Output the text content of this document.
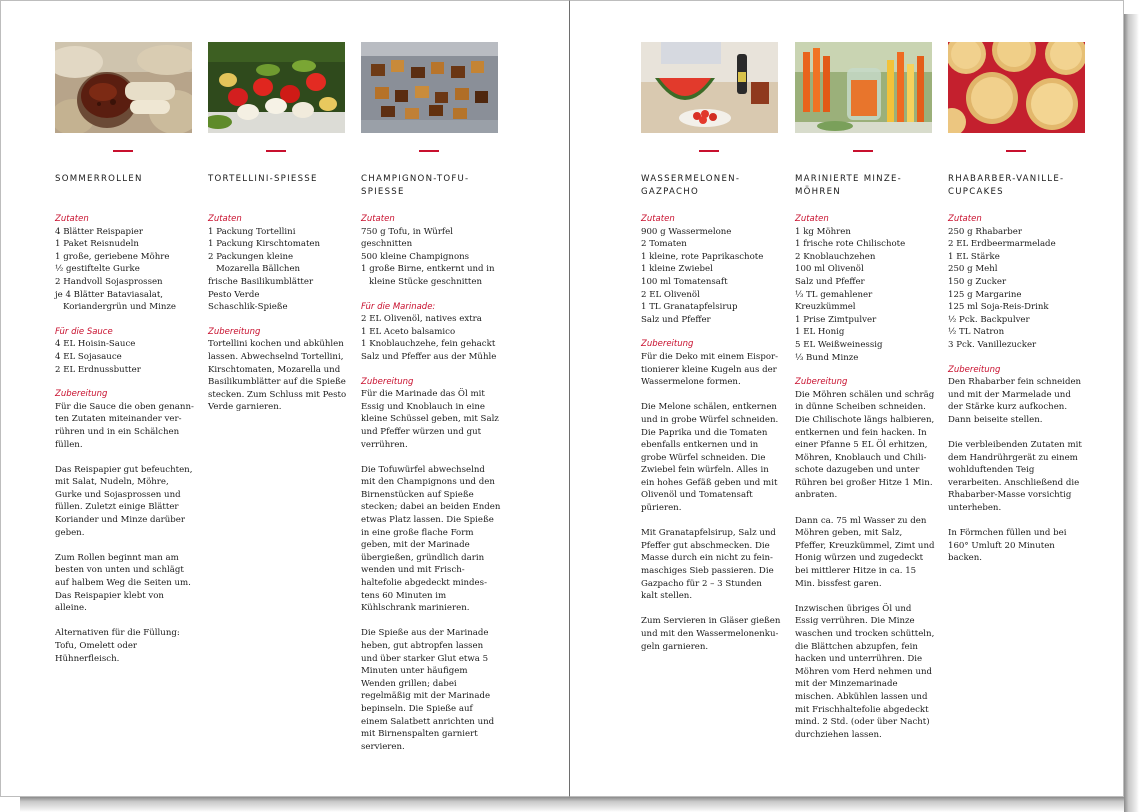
SOMMERROLLEN
Zutaten
4 Blätter Reispapier
1 Paket Reisnudeln
1 große, geriebene Möhre
½ gestiftelte Gurke
2 Handvoll Sojasprossen
je 4 Blätter Bataviasalat,
Koriandergrün und Minze
Für die Sauce
4 EL Hoisin-Sauce
4 EL Sojasauce
2 EL Erdnussbutter
Zubereitung

Für die Sauce die oben genannten Zutaten miteinander verrühren und in ein Schälchen füllen.

Das Reispapier gut befeuchten, mit Salat, Nudeln, Möhre, Gurke und Sojasprossen und füllen. Zuletzt einige Blätter Koriander und Minze darüber geben.

Zum Rollen beginnt man am besten von unten und schlägt auf halbem Weg die Seiten um. Das Reispapier klebt von alleine.

Alternativen für die Füllung: Tofu, Omelett oder Hühnerfleisch.

TORTELLINI-SPIESSE
Zutaten
1 Packung Tortellini
1 Packung Kirschtomaten
2 Packungen kleine
Mozarella Bällchen
frische Basilikumblätter
Pesto Verde
Schaschlik-Spieße
Zubereitung

Tortellini kochen und abkühlen lassen. Abwechselnd Tortellini, Kirschtomaten, Mozarella und Basilikumblätter auf die Spieße stecken. Zum Schluss mit Pesto Verde garnieren.

CHAMPIGNON-TOFU-SPIESSE
Zutaten
750 g Tofu, in Würfel geschnitten
500 kleine Champignons
1 große Birne, entkernt und in
kleine Stücke geschnitten
Für die Marinade:
2 EL Olivenöl, natives extra
1 EL Aceto balsamico
1 Knoblauchzehe, fein gehackt
Salz und Pfeffer aus der Mühle
Zubereitung

Für die Marinade das Öl mit Essig und Knoblauch in eine kleine Schüssel geben, mit Salz und Pfeffer würzen und gut verrühren.

Die Tofuwürfel abwechselnd mit den Champignons und den Birnenstücken auf Spieße stecken; dabei an beiden Enden etwas Platz lassen. Die Spieße in eine große flache Form geben, mit der Marinade übergießen, gründlich darin wenden und mit Frischhaltefolie abgedeckt mindestens 60 Minuten im Kühlschrank marinieren.

Die Spieße aus der Marinade heben, gut abtropfen lassen und über starker Glut etwa 5 Minuten unter häufigem Wenden grillen; dabei regelmäßig mit der Marinade bepinseln. Die Spieße auf einem Salatbett anrichten und mit Birnenspalten garniert servieren.

WASSERMELONEN-GAZPACHO
Zutaten
900 g Wassermelone
2 Tomaten
1 kleine, rote Paprikaschote
1 kleine Zwiebel
100 ml Tomatensaft
2 EL Olivenöl
1 TL Granatapfelsirup
Salz und Pfeffer
Zubereitung

Für die Deko mit einem Eisportionierer kleine Kugeln aus der Wassermelone formen.

Die Melone schälen, entkernen und in grobe Würfel schneiden. Die Paprika und die Tomaten ebenfalls entkernen und in grobe Würfel schneiden. Die Zwiebel fein würfeln. Alles in ein hohes Gefäß geben und mit Olivenöl und Tomatensaft pürieren.

Mit Granatapfelsirup, Salz und Pfeffer gut abschmecken. Die Masse durch ein nicht zu feinmaschiges Sieb passieren. Die Gazpacho für 2 – 3 Stunden kalt stellen.

Zum Servieren in Gläser gießen und mit den Wassermelonenkugeln garnieren.

MARINIERTE MINZE-MÖHREN
Zutaten
1 kg Möhren
1 frische rote Chilischote
2 Knoblauchzehen
100 ml Olivenöl
Salz und Pfeffer
⅓ TL gemahlener Kreuzkümmel
1 Prise Zimtpulver
1 EL Honig
5 EL Weißweinessig
⅓ Bund Minze
Zubereitung

Die Möhren schälen und schräg in dünne Scheiben schneiden. Die Chilischote längs halbieren, entkernen und fein hacken. In einer Pfanne 5 EL Öl erhitzen, Möhren, Knoblauch und Chilischote dazugeben und unter Rühren bei großer Hitze 1 Min. anbraten.

Dann ca. 75 ml Wasser zu den Möhren geben, mit Salz, Pfeffer, Kreuzkümmel, Zimt und Honig würzen und zugedeckt bei mittlerer Hitze in ca. 15 Min. bissfest garen.

Inzwischen übriges Öl und Essig verrühren. Die Minze waschen und trocken schütteln, die Blättchen abzupfen, fein hacken und unterrühren. Die Möhren vom Herd nehmen und mit der Minzemarinade mischen. Abkühlen lassen und mit Frischhaltefolie abgedeckt mind. 2 Std. (oder über Nacht) durchziehen lassen.

RHABARBER-VANILLE-CUPCAKES
Zutaten
250 g Rhabarber
2 EL Erdbeermarmelade
1 EL Stärke
250 g Mehl
150 g Zucker
125 g Margarine
125 ml Soja-Reis-Drink
½ Pck. Backpulver
½ TL Natron
3 Pck. Vanillezucker
Zubereitung

Den Rhabarber fein schneiden und mit der Marmelade und der Stärke kurz aufkochen. Dann beiseite stellen.

Die verbleibenden Zutaten mit dem Handrührgerät zu einem wohlduftenden Teig verarbeiten. Anschließend die Rhabarber-Masse vorsichtig unterheben.

In Förmchen füllen und bei 160° Umluft 20 Minuten backen.
